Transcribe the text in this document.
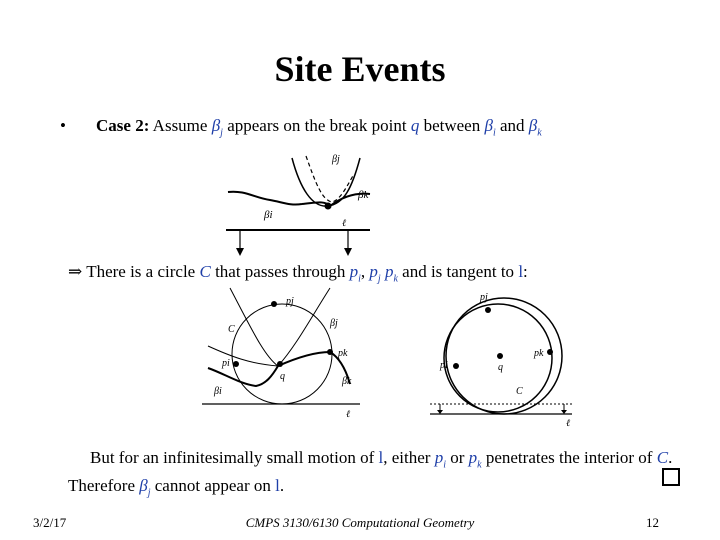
Site Events
• Case 2: Assume $\beta_j$ appears on the break point q between $\beta_i$ and $\beta_k$
βj
βk
βi
ℓ
⇒ There is a circle C that passes through $p_i$, $p_j$ $p_k$ and is tangent to l:
pj
C
βj
pk
pi
q	βk
βi
ℓ
pj
pk
pi	q
C
ℓ
But for an infinitesimally small motion of l, either $p_i$ or $p_k$ penetrates the interior of C. Therefore $\beta_j$ cannot appear on l.
3/2/17	CMPS 3130/6130 Computational Geometry	12
